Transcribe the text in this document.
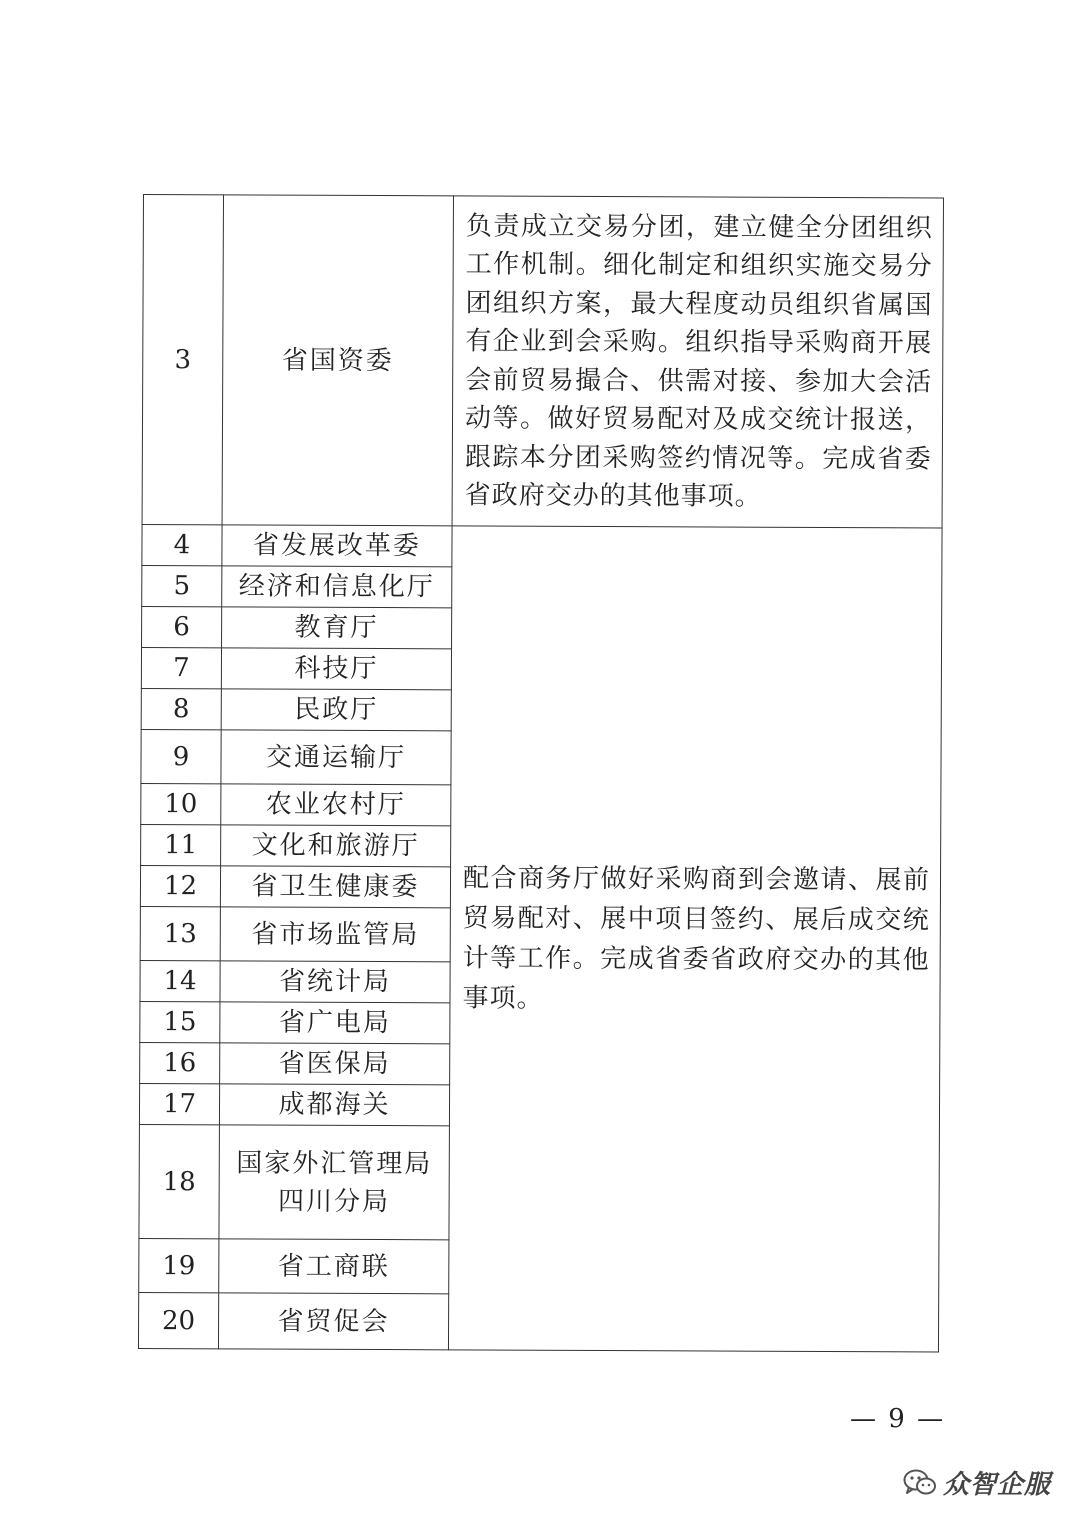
3	省国资委	负责成立交易分团，建立健全分团组织工作机制。细化制定和组织实施交易分团组织方案，最大程度动员组织省属国有企业到会采购。组织指导采购商开展会前贸易撮合、供需对接、参加大会活动等。做好贸易配对及成交统计报送，跟踪本分团采购签约情况等。完成省委省政府交办的其他事项。
4	省发展改革委	配合商务厅做好采购商到会邀请、展前贸易配对、展中项目签约、展后成交统计等工作。完成省委省政府交办的其他事项。
5	经济和信息化厅	
6	教育厅	
7	科技厅	
8	民政厅	
9	交通运输厅	
10	农业农村厅	
11	文化和旅游厅	
12	省卫生健康委	
13	省市场监管局	
14	省统计局	
15	省广电局	
16	省医保局	
17	成都海关	
18	国家外汇管理局四川分局	
19	省工商联	
20	省贸促会	
— 9 —
众智企服
